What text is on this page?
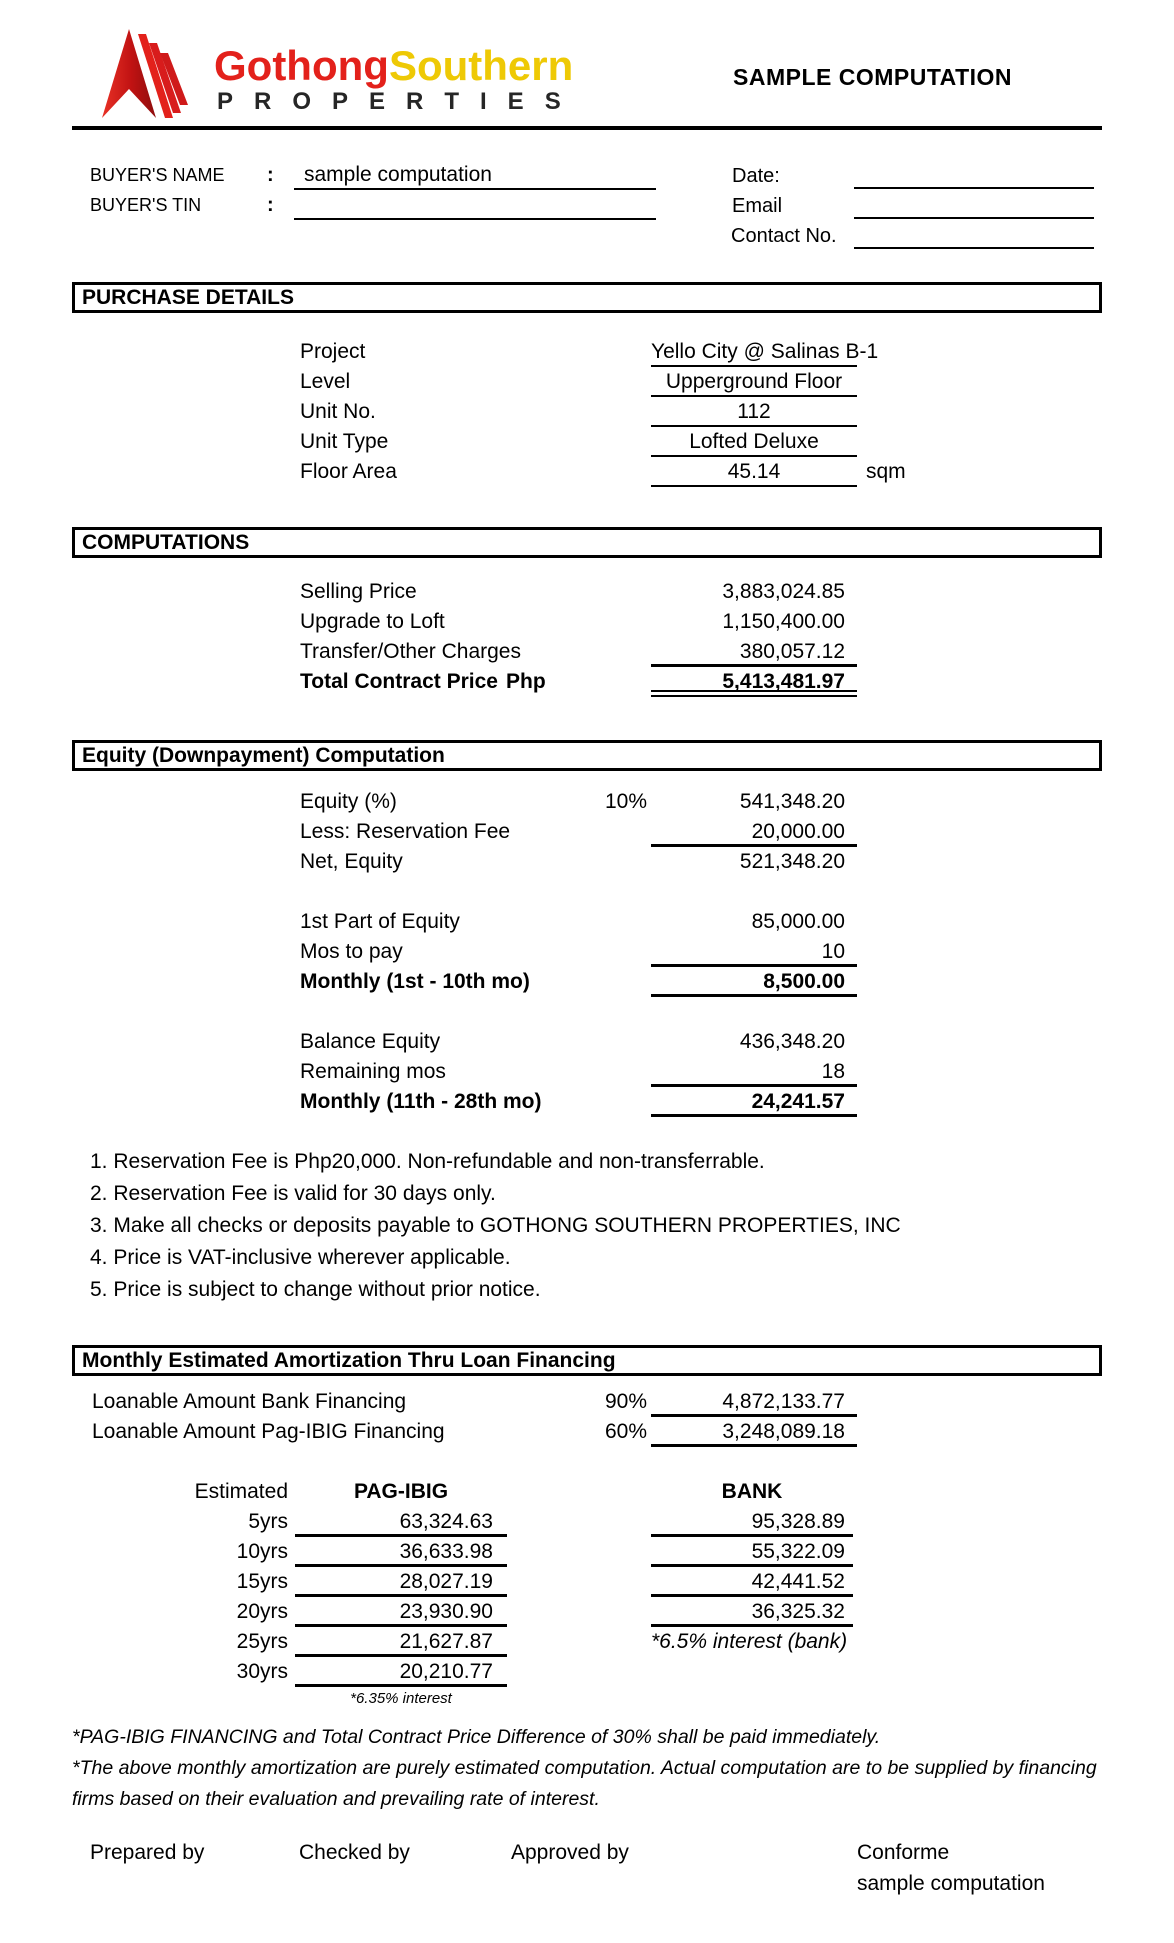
GothongSouthern
PROPERTIES
SAMPLE COMPUTATION
BUYER'S NAME :	sample computation
BUYER'S TIN	:
Date:
Email
Contact No.
PURCHASE DETAILS
Project	Yello City @ Salinas B-1
Level	Upperground Floor
Unit No.	112
Unit Type	Lofted Deluxe
Floor Area	45.14	sqm
COMPUTATIONS
Selling Price	3,883,024.85
Upgrade to Loft	1,150,400.00
Transfer/Other Charges	380,057.12
Total Contract Price Php	5,413,481.97
Equity (Downpayment) Computation
Equity (%)	10%	541,348.20
Less: Reservation Fee	20,000.00
Net, Equity	521,348.20
1st Part of Equity	85,000.00
Mos to pay	10
Monthly (1st - 10th mo)	8,500.00
Balance Equity	436,348.20
Remaining mos	18
Monthly (11th - 28th mo)	24,241.57
1. Reservation Fee is Php20,000. Non-refundable and non-transferrable.
2. Reservation Fee is valid for 30 days only.
3. Make all checks or deposits payable to GOTHONG SOUTHERN PROPERTIES, INC
4. Price is VAT-inclusive wherever applicable.
5. Price is subject to change without prior notice.
Monthly Estimated Amortization Thru Loan Financing
Loanable Amount Bank Financing	90%	4,872,133.77
Loanable Amount Pag-IBIG Financing	60%	3,248,089.18
Estimated	PAG-IBIG	BANK
5yrs	63,324.63	95,328.89
10yrs	36,633.98	55,322.09
15yrs	28,027.19	42,441.52
20yrs	23,930.90	36,325.32
25yrs	21,627.87	*6.5% interest (bank)
30yrs	20,210.77
*6.35% interest
*PAG-IBIG FINANCING and Total Contract Price Difference of 30% shall be paid immediately.
*The above monthly amortization are purely estimated computation. Actual computation are to be supplied by financing
firms based on their evaluation and prevailing rate of interest.
Prepared by	Checked by	Approved by	Conforme
sample computation
